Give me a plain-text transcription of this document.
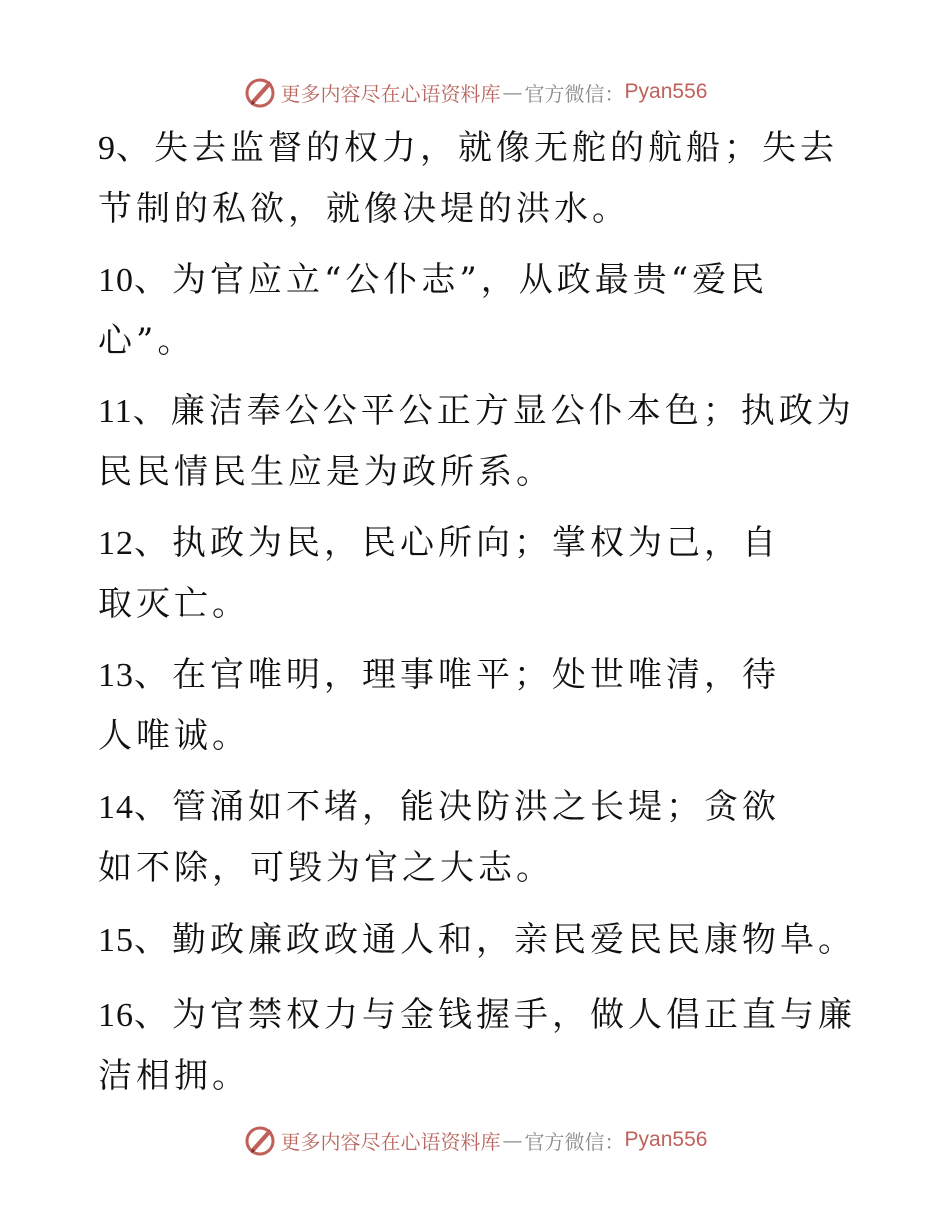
更多内容尽在心语资料库 — 官方微信： Pyan556

9、失去监督的权力，就像无舵的航船；失去节制的私欲，就像决堤的洪水。

10、为官应立“公仆志”，从政最贵“爱民心”。

11、廉洁奉公公平公正方显公仆本色；执政为民民情民生应是为政所系。

12、执政为民，民心所向；掌权为己，自取灭亡。

13、在官唯明，理事唯平；处世唯清，待人唯诚。

14、管涌如不堵，能决防洪之长堤；贪欲如不除，可毁为官之大志。

15、勤政廉政政通人和，亲民爱民民康物阜。

16、为官禁权力与金钱握手，做人倡正直与廉洁相拥。

更多内容尽在心语资料库 — 官方微信： Pyan556
